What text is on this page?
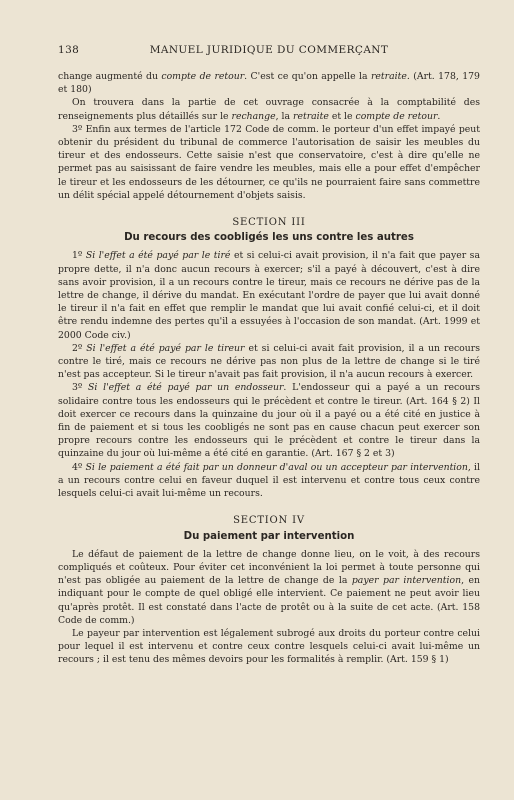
138	MANUEL JURIDIQUE DU COMMERÇANT

change augmenté du compte de retour. C'est ce qu'on appelle la retraite. (Art. 178, 179 et 180)

On trouvera dans la partie de cet ouvrage consacrée à la comptabilité des renseignements plus détaillés sur le rechange, la retraite et le compte de retour.

3º Enfin aux termes de l'article 172 Code de comm. le porteur d'un effet impayé peut obtenir du président du tribunal de commerce l'autorisation de saisir les meubles du tireur et des endosseurs. Cette saisie n'est que conservatoire, c'est à dire qu'elle ne permet pas au saisissant de faire vendre les meubles, mais elle a pour effet d'empêcher le tireur et les endosseurs de les détourner, ce qu'ils ne pourraient faire sans commettre un délit spécial appelé détournement d'objets saisis.

SECTION III
Du recours des coobligés les uns contre les autres

1º Si l'effet a été payé par le tiré et si celui-ci avait provision, il n'a fait que payer sa propre dette, il n'a donc aucun recours à exercer; s'il a payé à découvert, c'est à dire sans avoir provision, il a un recours contre le tireur, mais ce recours ne dérive pas de la lettre de change, il dérive du mandat. En exécutant l'ordre de payer que lui avait donné le tireur il n'a fait en effet que remplir le mandat que lui avait confié celui-ci, et il doit être rendu indemne des pertes qu'il a essuyées à l'occasion de son mandat. (Art. 1999 et 2000 Code civ.)

2º Si l'effet a été payé par le tireur et si celui-ci avait fait provision, il a un recours contre le tiré, mais ce recours ne dérive pas non plus de la lettre de change si le tiré n'est pas accepteur. Si le tireur n'avait pas fait provision, il n'a aucun recours à exercer.

3º Si l'effet a été payé par un endosseur. L'endosseur qui a payé a un recours solidaire contre tous les endosseurs qui le précèdent et contre le tireur. (Art. 164 § 2) Il doit exercer ce recours dans la quinzaine du jour où il a payé ou a été cité en justice à fin de paiement et si tous les coobligés ne sont pas en cause chacun peut exercer son propre recours contre les endosseurs qui le précèdent et contre le tireur dans la quinzaine du jour où lui-même a été cité en garantie. (Art. 167 § 2 et 3)

4º Si le paiement a été fait par un donneur d'aval ou un accepteur par intervention, il a un recours contre celui en faveur duquel il est intervenu et contre tous ceux contre lesquels celui-ci avait lui-même un recours.

SECTION IV
Du paiement par intervention

Le défaut de paiement de la lettre de change donne lieu, on le voit, à des recours compliqués et coûteux. Pour éviter cet inconvénient la loi permet à toute personne qui n'est pas obligée au paiement de la lettre de change de la payer par intervention, en indiquant pour le compte de quel obligé elle intervient. Ce paiement ne peut avoir lieu qu'après protêt. Il est constaté dans l'acte de protêt ou à la suite de cet acte. (Art. 158 Code de comm.)

Le payeur par intervention est légalement subrogé aux droits du porteur contre celui pour lequel il est intervenu et contre ceux contre lesquels celui-ci avait lui-même un recours ; il est tenu des mêmes devoirs pour les formalités à remplir. (Art. 159 § 1)
